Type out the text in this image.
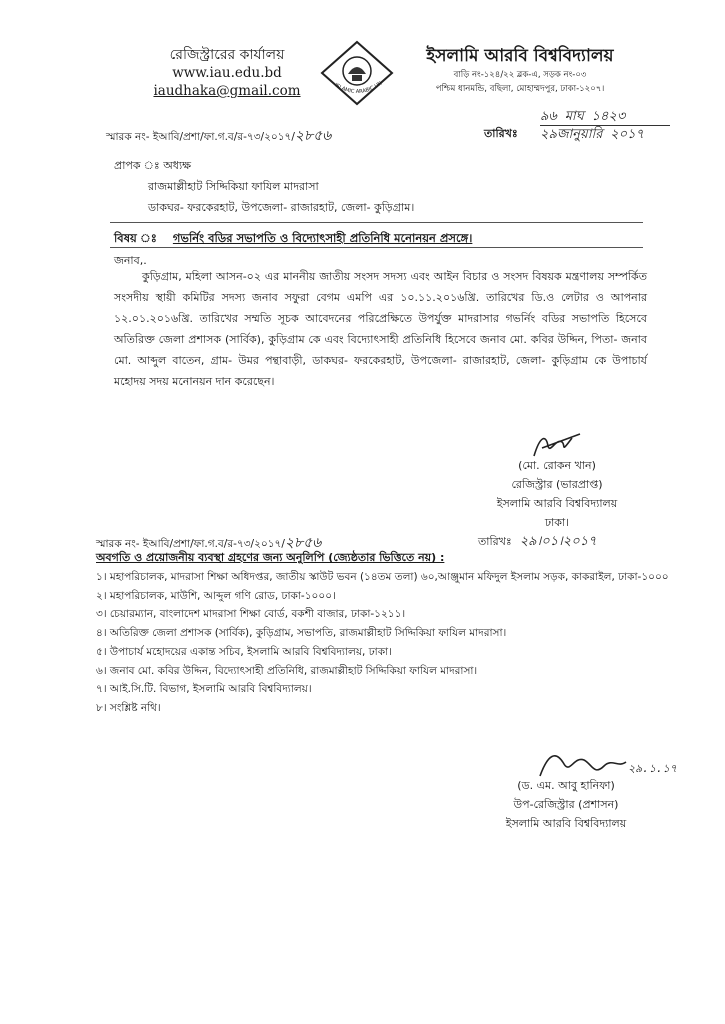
রেজিস্ট্রারের কার্যালয়
www.iau.edu.bd
iaudhaka@gmail.com	ISLAMIC ARABIC UN
ইসলামি আরবি বিশ্ববিদ্যালয়
বাড়ি নং-১২৪/২২ ব্লক-এ, সড়ক নং-০৩
পশ্চিম ধানমন্ডি, বছিলা, মোহাম্মদপুর, ঢাকা-১২০৭।
স্মারক নং- ইআবি/প্রশা/ফা.গ.ব/র-৭৩/২০১৭/২৮৫৬	তারিখঃ
৯৬ মাঘ ১৪২৩
২৯জানুয়ারি ২০১৭
প্রাপক ঃ অধ্যক্ষ
রাজমাল্লীহাট সিদ্দিকিয়া ফাযিল মাদরাসা
ডাকঘর- ফরকেরহাট, উপজেলা- রাজারহাট, জেলা- কুড়িগ্রাম।
বিষয় ঃ গভর্নিং বডির সভাপতি ও বিদ্যোৎসাহী প্রতিনিধি মনোনয়ন প্রসঙ্গে।
জনাব,.

কুড়িগ্রাম, মহিলা আসন-০২ এর মাননীয় জাতীয় সংসদ সদস্য এবং আইন বিচার ও সংসদ বিষয়ক মন্ত্রণালয় সম্পর্কিত সংসদীয় স্থায়ী কমিটির সদস্য জনাব সফুরা বেগম এমপি এর ১০.১১.২০১৬খ্রি. তারিখের ডি.ও লেটার ও আপনার ১২.০১.২০১৬খ্রি. তারিখের সম্মতি সূচক আবেদনের পরিপ্রেক্ষিতে উপর্যুক্ত মাদরাসার গভর্নিং বডির সভাপতি হিসেবে অতিরিক্ত জেলা প্রশাসক (সার্বিক), কুড়িগ্রাম কে এবং বিদ্যোৎসাহী প্রতিনিধি হিসেবে জনাব মো. কবির উদ্দিন, পিতা- জনাব মো. আব্দুল বাতেন, গ্রাম- উমর পন্থাবাড়ী, ডাকঘর- ফরকেরহাট, উপজেলা- রাজারহাট, জেলা- কুড়িগ্রাম কে উপাচার্য মহোদয় সদয় মনোনয়ন দান করেছেন।

(মো. রোকন খান)
রেজিস্ট্রার (ভারপ্রাপ্ত)
ইসলামি আরবি বিশ্ববিদ্যালয়
ঢাকা।
স্মারক নং- ইআবি/প্রশা/ফা.গ.ব/র-৭৩/২০১৭/২৮৫৬	তারিখঃ ২৯।০১।২০১৭
অবগতি ও প্রয়োজনীয় ব্যবস্থা গ্রহণের জন্য অনুলিপি (জ্যেষ্ঠতার ভিত্তিতে নয়) :
১। মহাপরিচালক, মাদরাসা শিক্ষা অধিদপ্তর, জাতীয় স্কাউট ভবন (১৪তম তলা) ৬০,আঞ্জুমান মফিদুল ইসলাম সড়ক, কাকরাইল, ঢাকা-১০০০
২। মহাপরিচালক, মাউশি, আব্দুল গণি রোড, ঢাকা-১০০০।
৩। চেয়ারম্যান, বাংলাদেশ মাদরাসা শিক্ষা বোর্ড, বকশী বাজার, ঢাকা-১২১১।
৪। অতিরিক্ত জেলা প্রশাসক (সার্বিক), কুড়িগ্রাম, সভাপতি, রাজমাল্লীহাট সিদ্দিকিয়া ফাযিল মাদরাসা।
৫। উপাচার্য মহোদয়ের একান্ত সচিব, ইসলামি আরবি বিশ্ববিদ্যালয়, ঢাকা।
৬। জনাব মো. কবির উদ্দিন, বিদ্যোৎসাহী প্রতিনিধি, রাজমাল্লীহাট সিদ্দিকিয়া ফাযিল মাদরাসা।
৭। আই.সি.টি. বিভাগ, ইসলামি আরবি বিশ্ববিদ্যালয়।
৮। সংশ্লিষ্ট নথি।
২৯.১.১৭
(ড. এম. আবু হানিফা)
উপ-রেজিস্ট্রার (প্রশাসন)
ইসলামি আরবি বিশ্ববিদ্যালয়
